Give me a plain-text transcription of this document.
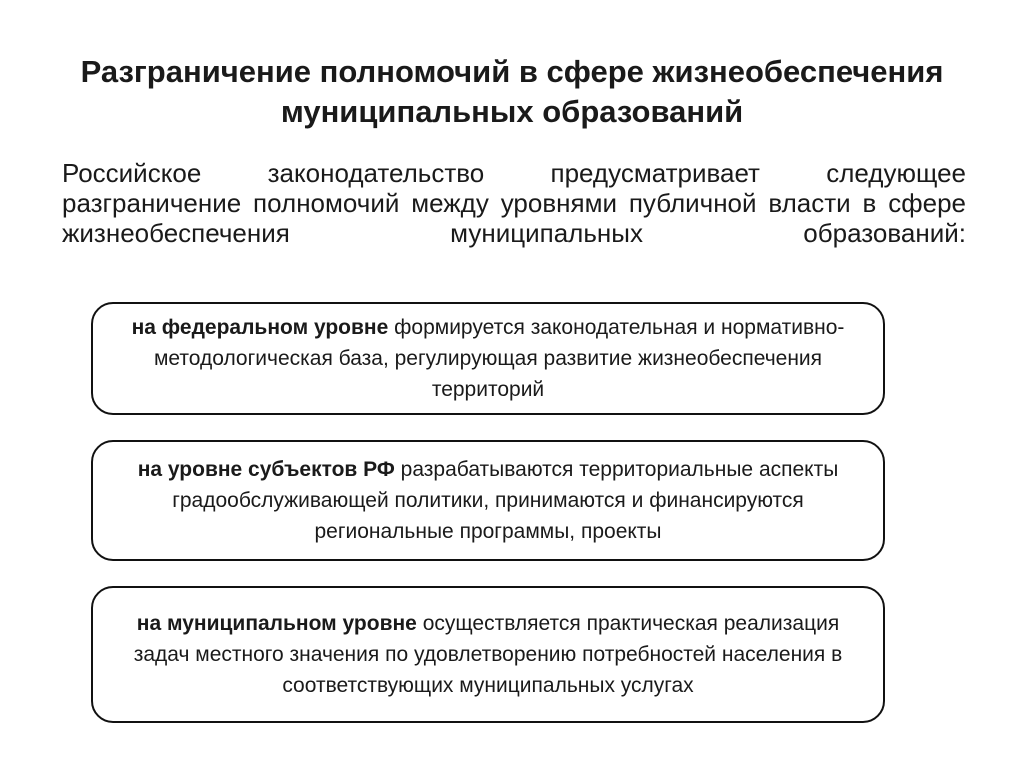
Разграничение полномочий в сфере жизнеобеспечения муниципальных образований
Российское законодательство предусматривает следующее разграничение полномочий между уровнями публичной власти в сфере жизнеобеспечения муниципальных образований:
на федеральном уровне формируется законодательная и нормативно-методологическая база, регулирующая развитие жизнеобеспечения территорий
на уровне субъектов РФ разрабатываются территориальные аспекты градообслуживающей политики, принимаются и финансируются региональные программы, проекты
на муниципальном уровне осуществляется практическая реализация задач местного значения по удовлетворению потребностей населения в соответствующих муниципальных услугах
